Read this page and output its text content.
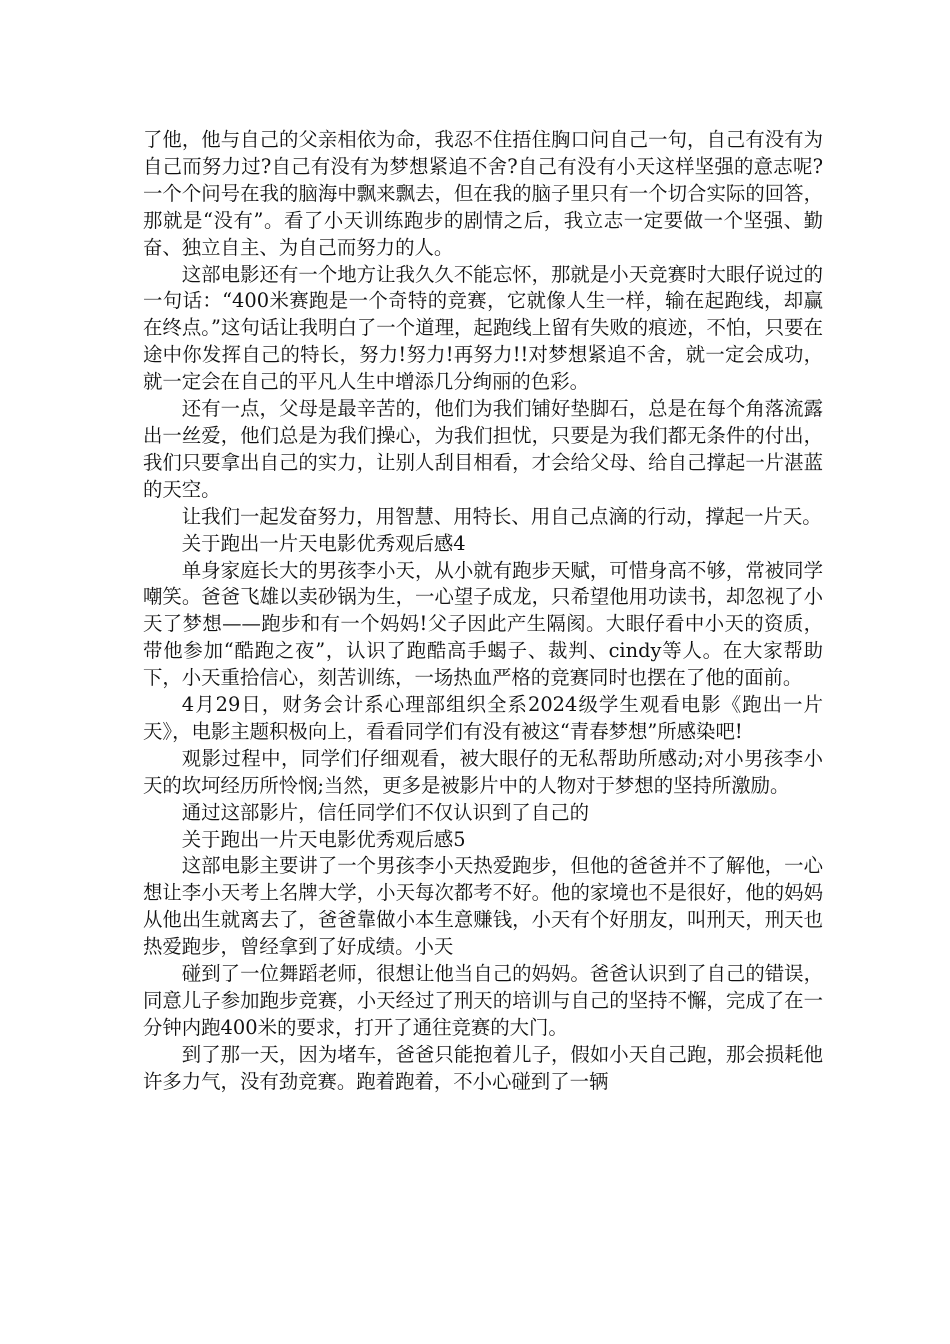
了他，他与自己的父亲相依为命，我忍不住捂住胸口问自己一句，自己有没有为自己而努力过?自己有没有为梦想紧追不舍?自己有没有小天这样坚强的意志呢?一个个问号在我的脑海中飘来飘去，但在我的脑子里只有一个切合实际的回答，那就是“没有”。看了小天训练跑步的剧情之后，我立志一定要做一个坚强、勤奋、独立自主、为自己而努力的人。

这部电影还有一个地方让我久久不能忘怀，那就是小天竞赛时大眼仔说过的一句话：“400米赛跑是一个奇特的竞赛，它就像人生一样，输在起跑线，却赢在终点。”这句话让我明白了一个道理，起跑线上留有失败的痕迹，不怕，只要在途中你发挥自己的特长，努力!努力!再努力!!对梦想紧追不舍，就一定会成功，就一定会在自己的平凡人生中增添几分绚丽的色彩。

还有一点，父母是最辛苦的，他们为我们铺好垫脚石，总是在每个角落流露出一丝爱，他们总是为我们操心，为我们担忧，只要是为我们都无条件的付出，我们只要拿出自己的实力，让别人刮目相看，才会给父母、给自己撑起一片湛蓝的天空。

让我们一起发奋努力，用智慧、用特长、用自己点滴的行动，撑起一片天。

关于跑出一片天电影优秀观后感4

单身家庭长大的男孩李小天，从小就有跑步天赋，可惜身高不够，常被同学嘲笑。爸爸飞雄以卖砂锅为生，一心望子成龙，只希望他用功读书，却忽视了小天了梦想——跑步和有一个妈妈!父子因此产生隔阂。大眼仔看中小天的资质，带他参加“酷跑之夜”，认识了跑酷高手蝎子、裁判、cindy等人。在大家帮助下，小天重拾信心，刻苦训练，一场热血严格的竞赛同时也摆在了他的面前。

4月29日，财务会计系心理部组织全系2024级学生观看电影《跑出一片天》，电影主题积极向上，看看同学们有没有被这“青春梦想”所感染吧!

观影过程中，同学们仔细观看，被大眼仔的无私帮助所感动;对小男孩李小天的坎坷经历所怜悯;当然，更多是被影片中的人物对于梦想的坚持所激励。

通过这部影片，信任同学们不仅认识到了自己的

关于跑出一片天电影优秀观后感5

这部电影主要讲了一个男孩李小天热爱跑步，但他的爸爸并不了解他，一心想让李小天考上名牌大学，小天每次都考不好。他的家境也不是很好，他的妈妈从他出生就离去了，爸爸靠做小本生意赚钱，小天有个好朋友，叫刑天，刑天也热爱跑步，曾经拿到了好成绩。小天

碰到了一位舞蹈老师，很想让他当自己的妈妈。爸爸认识到了自己的错误，同意儿子参加跑步竞赛，小天经过了刑天的培训与自己的坚持不懈，完成了在一分钟内跑400米的要求，打开了通往竞赛的大门。

到了那一天，因为堵车，爸爸只能抱着儿子，假如小天自己跑，那会损耗他许多力气，没有劲竞赛。跑着跑着，不小心碰到了一辆
